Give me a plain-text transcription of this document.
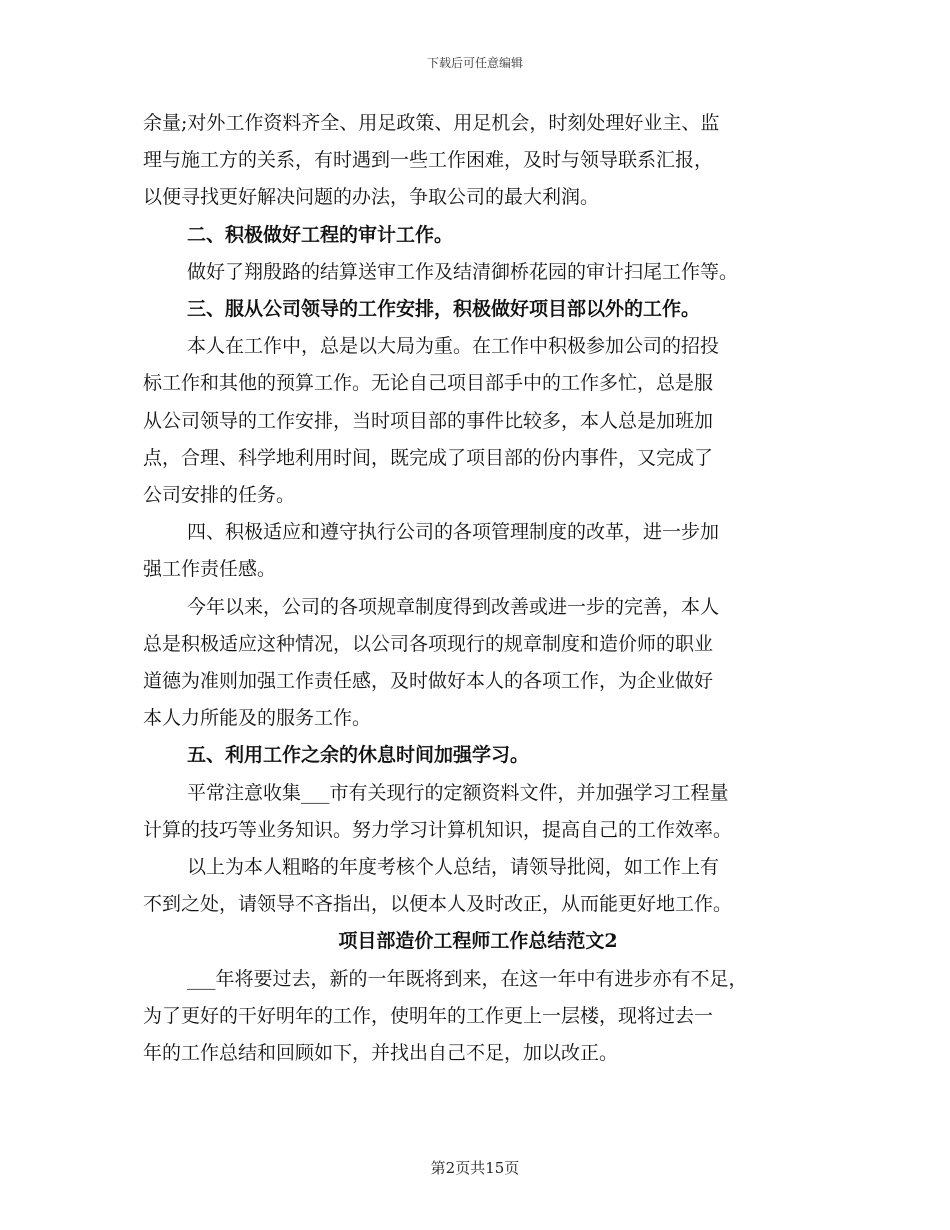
下载后可任意编辑
余量;对外工作资料齐全、用足政策、用足机会，时刻处理好业主、监
理与施工方的关系，有时遇到一些工作困难，及时与领导联系汇报，
以便寻找更好解决问题的办法，争取公司的最大利润。
二、积极做好工程的审计工作。
做好了翔殷路的结算送审工作及结清御桥花园的审计扫尾工作等。
三、服从公司领导的工作安排，积极做好项目部以外的工作。
本人在工作中，总是以大局为重。在工作中积极参加公司的招投
标工作和其他的预算工作。无论自己项目部手中的工作多忙，总是服
从公司领导的工作安排，当时项目部的事件比较多，本人总是加班加
点，合理、科学地利用时间，既完成了项目部的份内事件，又完成了
公司安排的任务。
四、积极适应和遵守执行公司的各项管理制度的改革，进一步加
强工作责任感。
今年以来，公司的各项规章制度得到改善或进一步的完善，本人
总是积极适应这种情况，以公司各项现行的规章制度和造价师的职业
道德为准则加强工作责任感，及时做好本人的各项工作，为企业做好
本人力所能及的服务工作。
五、利用工作之余的休息时间加强学习。
平常注意收集___市有关现行的定额资料文件，并加强学习工程量
计算的技巧等业务知识。努力学习计算机知识，提高自己的工作效率。
以上为本人粗略的年度考核个人总结，请领导批阅，如工作上有
不到之处，请领导不吝指出，以便本人及时改正，从而能更好地工作。
项目部造价工程师工作总结范文2
___年将要过去，新的一年既将到来，在这一年中有进步亦有不足，
为了更好的干好明年的工作，使明年的工作更上一层楼，现将过去一
年的工作总结和回顾如下，并找出自己不足，加以改正。
第2页共15页
